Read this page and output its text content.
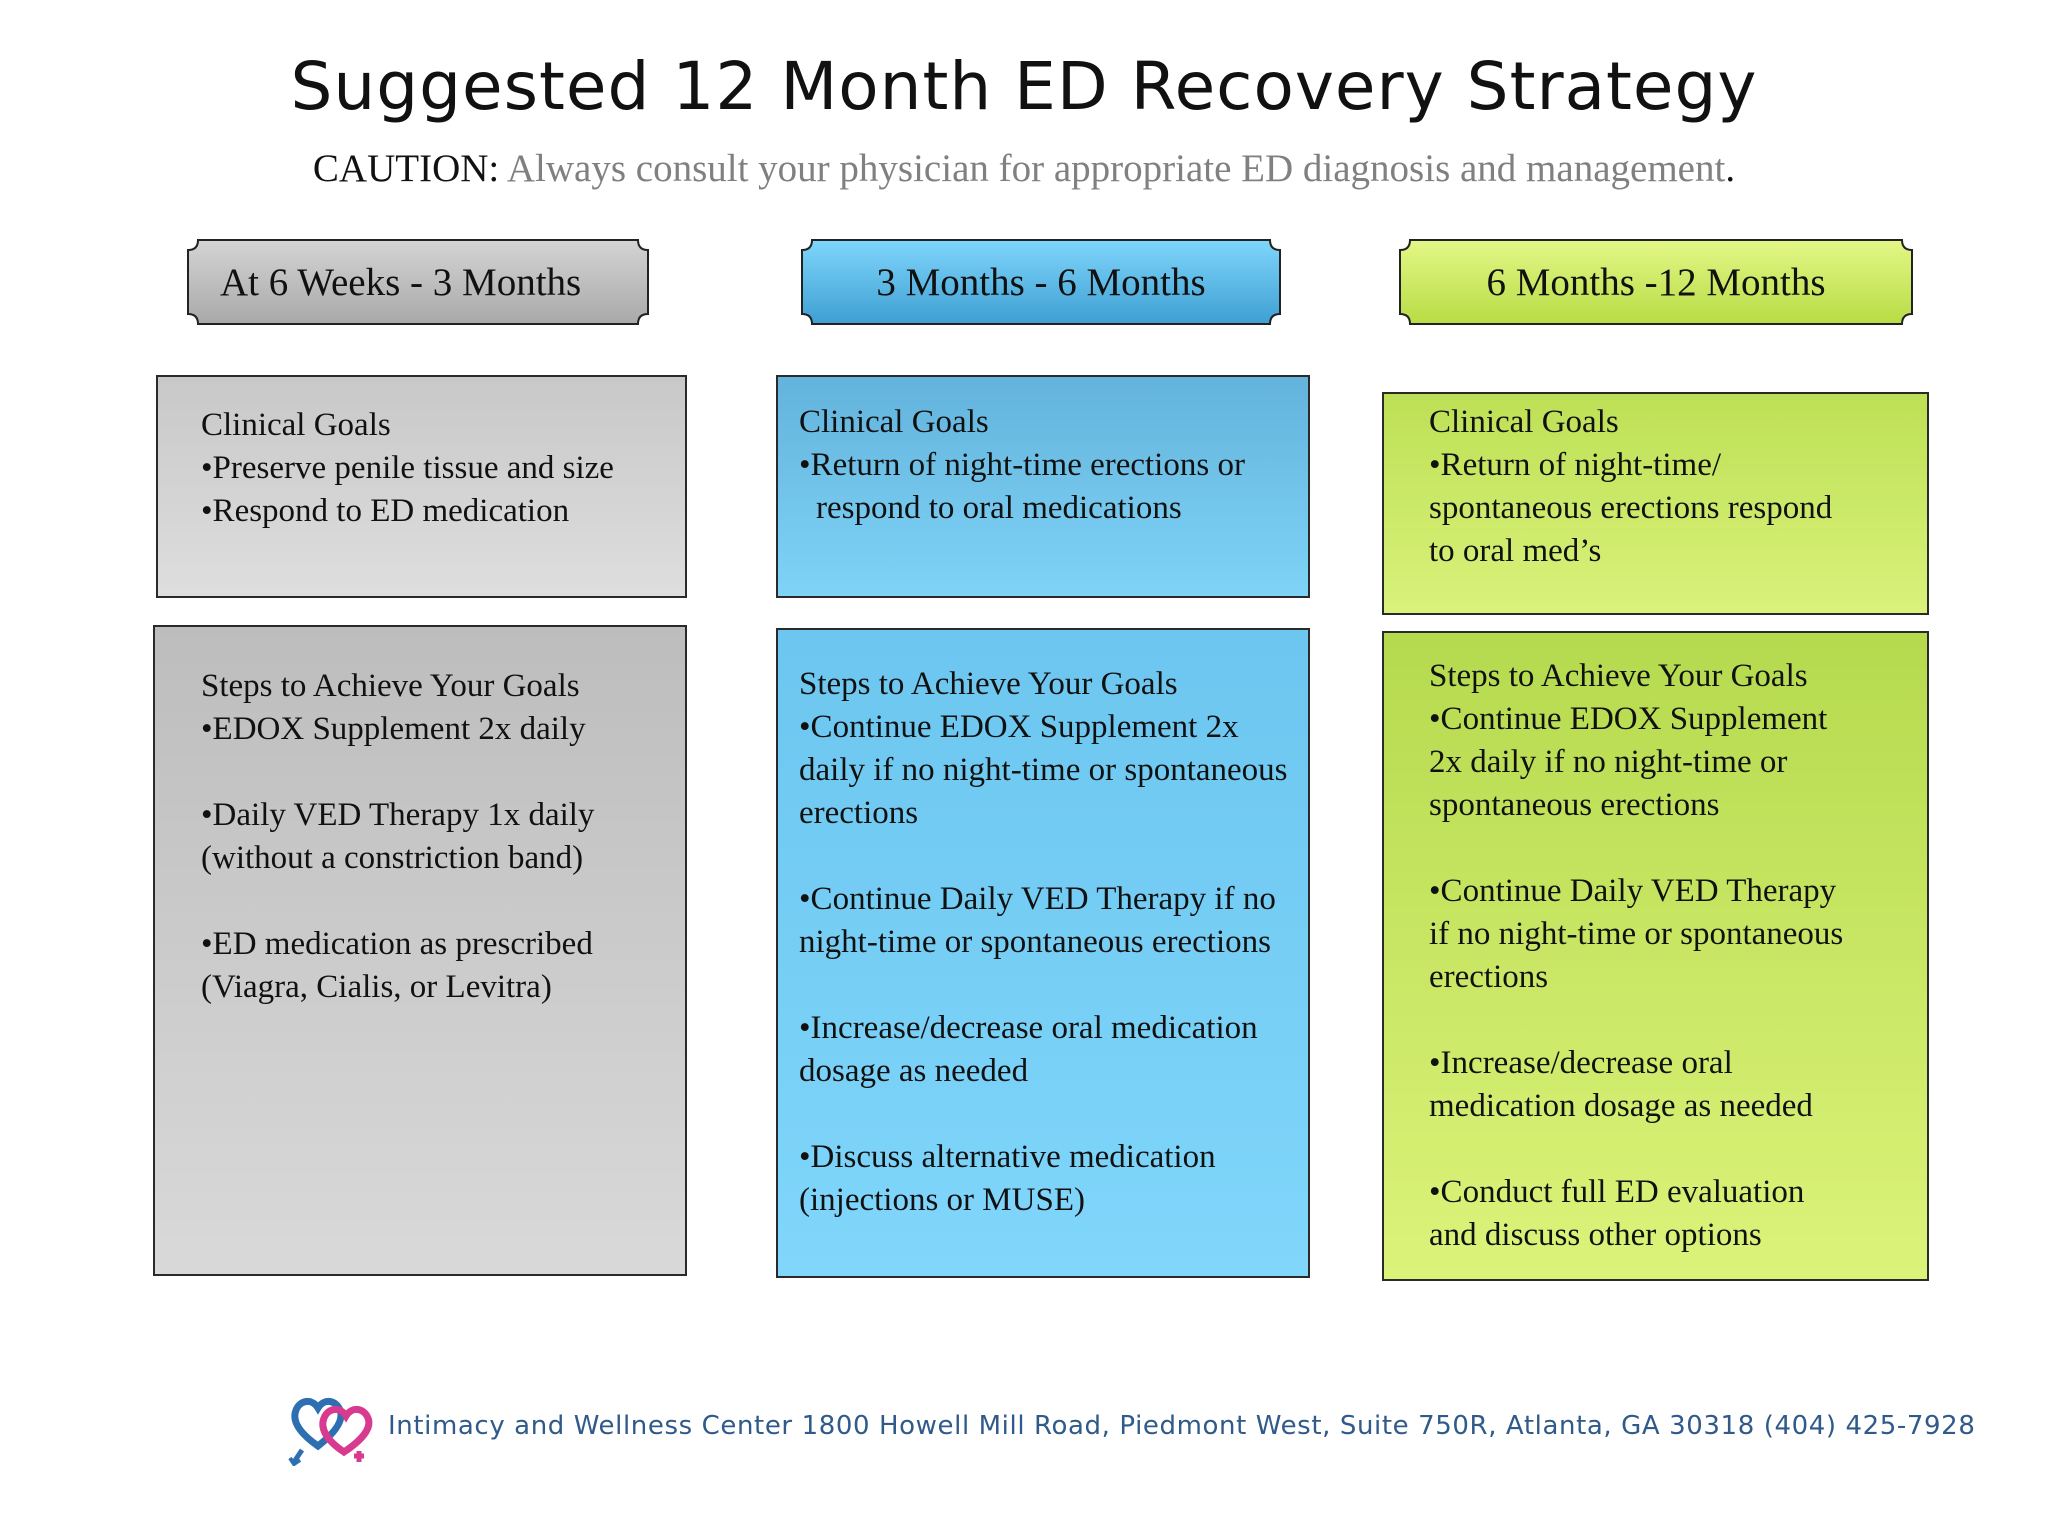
Suggested 12 Month ED Recovery Strategy
CAUTION: Always consult your physician for appropriate ED diagnosis and management.
At 6 Weeks - 3 Months	3 Months - 6 Months	6 Months -12 Months
Clinical Goals
•Preserve penile tissue and size
•Respond to ED medication
Steps to Achieve Your Goals
•EDOX Supplement 2x daily
•Daily VED Therapy 1x daily
(without a constriction band)
•ED medication as prescribed
(Viagra, Cialis, or Levitra)
Clinical Goals
•Return of night-time erections or
respond to oral medications
Steps to Achieve Your Goals
•Continue EDOX Supplement 2x
daily if no night-time or spontaneous
erections
•Continue Daily VED Therapy if no
night-time or spontaneous erections
•Increase/decrease oral medication
dosage as needed
•Discuss alternative medication
(injections or MUSE)
Clinical Goals
•Return of night-time/
spontaneous erections respond
to oral med’s
Steps to Achieve Your Goals
•Continue EDOX Supplement
2x daily if no night-time or
spontaneous erections
•Continue Daily VED Therapy
if no night-time or spontaneous
erections
•Increase/decrease oral
medication dosage as needed
•Conduct full ED evaluation
and discuss other options
Intimacy and Wellness Center 1800 Howell Mill Road, Piedmont West, Suite 750R, Atlanta, GA 30318 (404) 425-7928
